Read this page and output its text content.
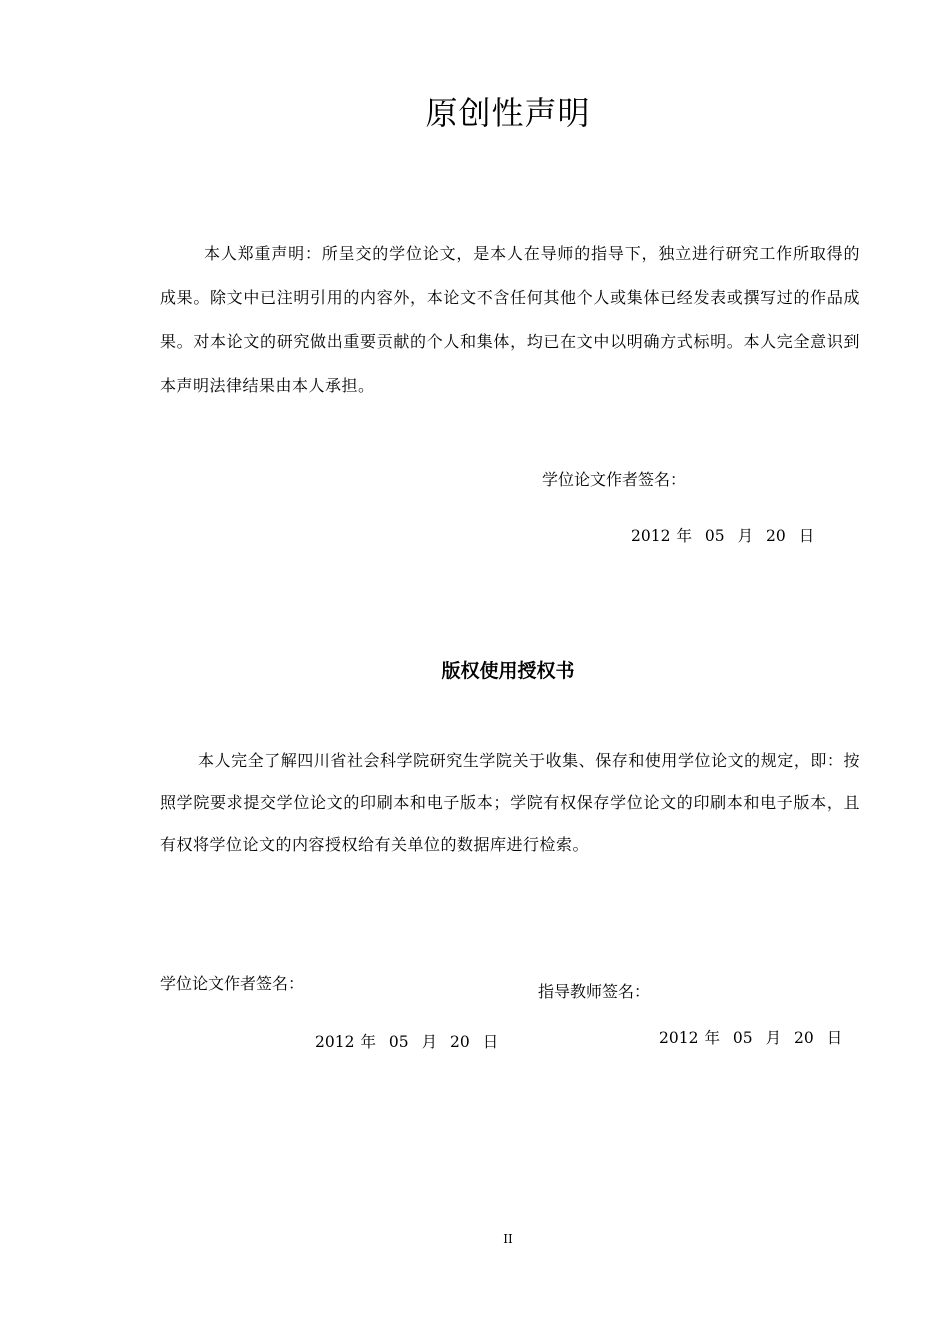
原创性声明
本人郑重声明：所呈交的学位论文，是本人在导师的指导下，独立进行研究工作所取得的成果。除文中已注明引用的内容外，本论文不含任何其他个人或集体已经发表或撰写过的作品成果。对本论文的研究做出重要贡献的个人和集体，均已在文中以明确方式标明。本人完全意识到本声明法律结果由本人承担。
学位论文作者签名：
2012 年 05 月 20 日
版权使用授权书
本人完全了解四川省社会科学院研究生学院关于收集、保存和使用学位论文的规定，即：按照学院要求提交学位论文的印刷本和电子版本；学院有权保存学位论文的印刷本和电子版本，且有权将学位论文的内容授权给有关单位的数据库进行检索。
学位论文作者签名：	指导教师签名：
2012 年 05 月 20 日	2012 年 05 月 20 日
II
